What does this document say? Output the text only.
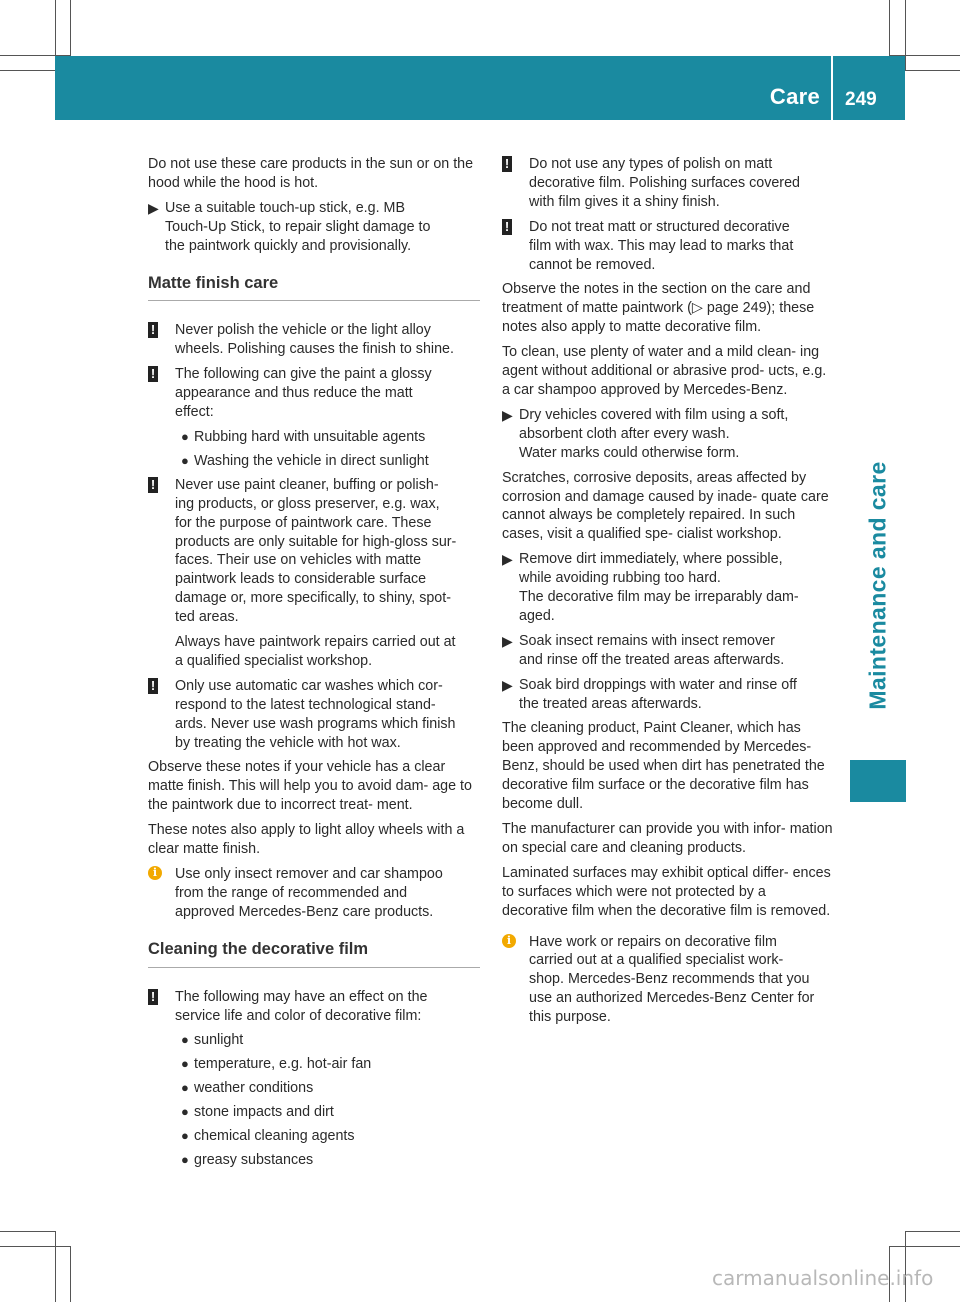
Care 249
Maintenance and care

Do not use these care products in the sun or on the hood while the hood is hot.

▶ Use a suitable touch-up stick, e.g. MB
Touch-Up Stick, to repair slight damage to
the paintwork quickly and provisionally.
Matte finish care
! Never polish the vehicle or the light alloy
wheels. Polishing causes the finish to shine.
! The following can give the paint a glossy
appearance and thus reduce the matt
effect:
● Rubbing hard with unsuitable agents
● Washing the vehicle in direct sunlight
! Never use paint cleaner, buffing or polish-
ing products, or gloss preserver, e.g. wax,
for the purpose of paintwork care. These
products are only suitable for high-gloss sur-
faces. Their use on vehicles with matte
paintwork leads to considerable surface
damage or, more specifically, to shiny, spot-
ted areas.
Always have paintwork repairs carried out at
a qualified specialist workshop.
! Only use automatic car washes which cor-
respond to the latest technological stand-
ards. Never use wash programs which finish
by treating the vehicle with hot wax.

Observe these notes if your vehicle has a clear matte finish. This will help you to avoid dam- age to the paintwork due to incorrect treat- ment.

These notes also apply to light alloy wheels with a clear matte finish.

i	Use only insect remover and car shampoo
from the range of recommended and
approved Mercedes-Benz care products.
Cleaning the decorative film
! The following may have an effect on the
service life and color of decorative film:
● sunlight
● temperature, e.g. hot-air fan
● weather conditions
● stone impacts and dirt
● chemical cleaning agents
● greasy substances
! Do not use any types of polish on matt
decorative film. Polishing surfaces covered
with film gives it a shiny finish.
! Do not treat matt or structured decorative
film with wax. This may lead to marks that
cannot be removed.

Observe the notes in the section on the care and treatment of matte paintwork (▷ page 249); these notes also apply to matte decorative film.

To clean, use plenty of water and a mild clean- ing agent without additional or abrasive prod- ucts, e.g. a car shampoo approved by Mercedes-Benz.

▶ Dry vehicles covered with film using a soft,
absorbent cloth after every wash.
Water marks could otherwise form.

Scratches, corrosive deposits, areas affected by corrosion and damage caused by inade- quate care cannot always be completely repaired. In such cases, visit a qualified spe- cialist workshop.

▶ Remove dirt immediately, where possible,
while avoiding rubbing too hard.
The decorative film may be irreparably dam-
aged.
▶ Soak insect remains with insect remover
and rinse off the treated areas afterwards.
▶ Soak bird droppings with water and rinse off
the treated areas afterwards.

The cleaning product, Paint Cleaner, which has been approved and recommended by Mercedes-Benz, should be used when dirt has penetrated the decorative film surface or the decorative film has become dull.

The manufacturer can provide you with infor- mation on special care and cleaning products.

Laminated surfaces may exhibit optical differ- ences to surfaces which were not protected by a decorative film when the decorative film is removed.

i	Have work or repairs on decorative film
carried out at a qualified specialist work-
shop. Mercedes-Benz recommends that you
use an authorized Mercedes-Benz Center for
this purpose.
carmanualsonline.info
